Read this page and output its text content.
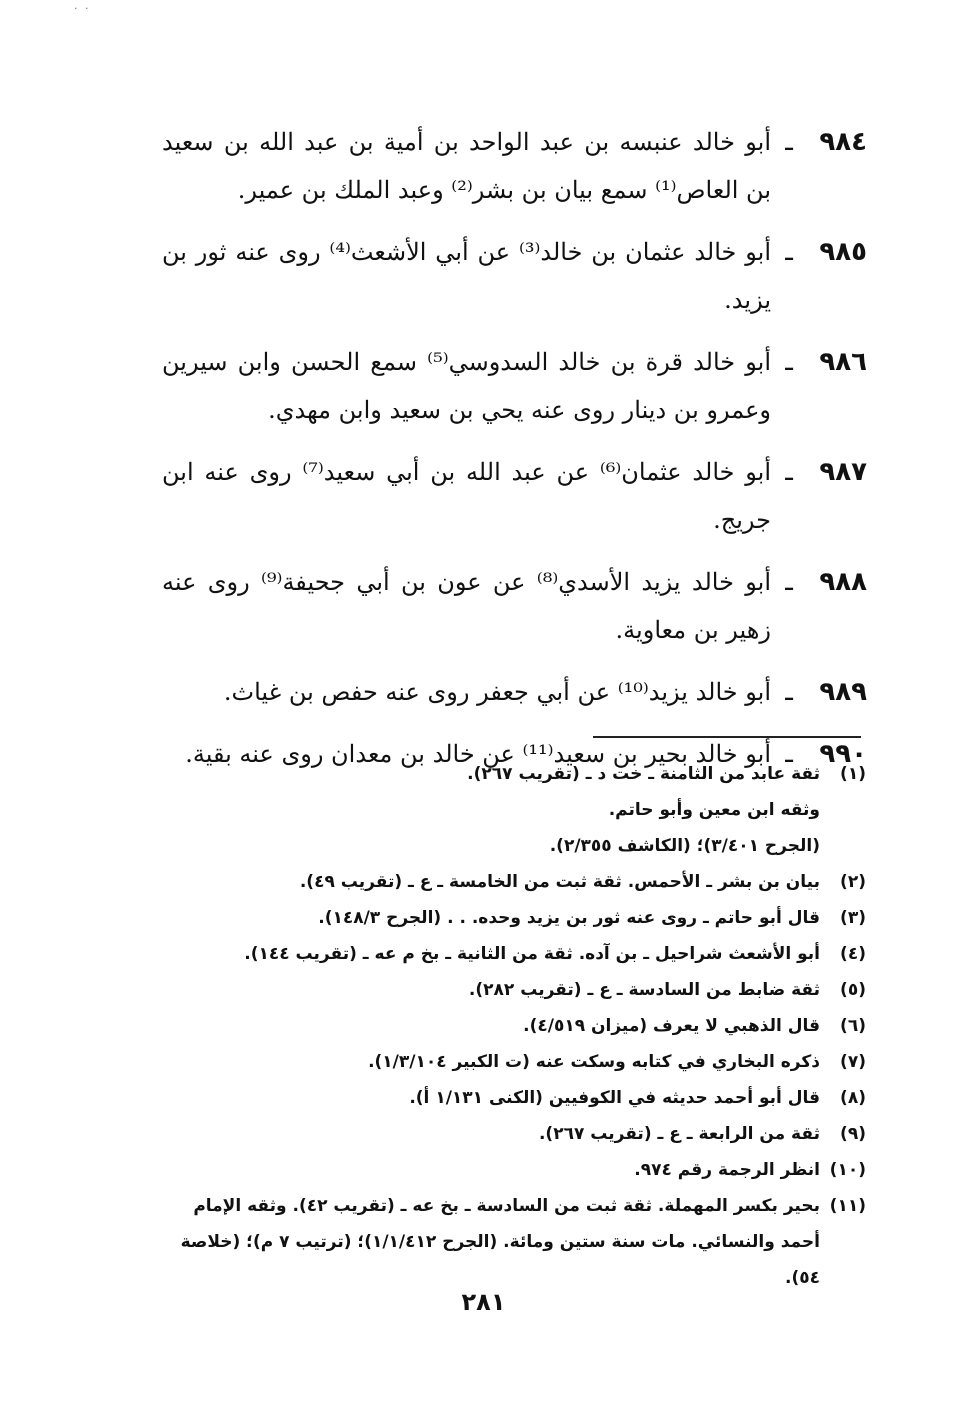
· ·
٩٨٤
ـ
أبو خالد عنبسه بن عبد الواحد بن أمية بن عبد الله بن سعيد بن العاص⁽¹⁾ سمع بيان بن بشر⁽²⁾ وعبد الملك بن عمير.
٩٨٥
ـ
أبو خالد عثمان بن خالد⁽³⁾ عن أبي الأشعث⁽⁴⁾ روى عنه ثور بن يزيد.
٩٨٦
ـ
أبو خالد قرة بن خالد السدوسي⁽⁵⁾ سمع الحسن وابن سيرين وعمرو بن دينار روى عنه يحي بن سعيد وابن مهدي.
٩٨٧
ـ
أبو خالد عثمان⁽⁶⁾ عن عبد الله بن أبي سعيد⁽⁷⁾ روى عنه ابن جريج.
٩٨٨
ـ
أبو خالد يزيد الأسدي⁽⁸⁾ عن عون بن أبي جحيفة⁽⁹⁾ روى عنه زهير بن معاوية.
٩٨٩
ـ
أبو خالد يزيد⁽¹⁰⁾ عن أبي جعفر روى عنه حفص بن غياث.
٩٩٠
ـ
أبو خالد بحير بن سعيد⁽¹¹⁾ عن خالد بن معدان روى عنه بقية.
(١)
ثقة عابد من الثامنة ـ خت د ـ (تقريب ٢٦٧).
وثقه ابن معين وأبو حاتم.
(الجرح ٣/٤٠١)؛ (الكاشف ٢/٣٥٥).
(٢)
بيان بن بشر ـ الأحمس. ثقة ثبت من الخامسة ـ ع ـ (تقريب ٤٩).
(٣)
قال أبو حاتم ـ روى عنه ثور بن يزيد وحده. . . (الجرح ١٤٨/٣).
(٤)
أبو الأشعث شراحيل ـ بن آده. ثقة من الثانية ـ بخ م عه ـ (تقريب ١٤٤).
(٥)
ثقة ضابط من السادسة ـ ع ـ (تقريب ٢٨٢).
(٦)
قال الذهبي لا يعرف (ميزان ٤/٥١٩).
(٧)
ذكره البخاري في كتابه وسكت عنه (ت الكبير ١/٣/١٠٤).
(٨)
قال أبو أحمد حديثه في الكوفيين (الكنى ١/١٣١ أ).
(٩)
ثقة من الرابعة ـ ع ـ (تقريب ٢٦٧).
(١٠)
انظر الرجمة رقم ٩٧٤.
(١١)
بحير بكسر المهملة. ثقة ثبت من السادسة ـ بخ عه ـ (تقريب ٤٢). وثقه الإمام أحمد والنسائي. مات سنة ستين ومائة. (الجرح ١/١/٤١٢)؛ (ترتيب ٧ م)؛ (خلاصة ٥٤).
٢٨١
